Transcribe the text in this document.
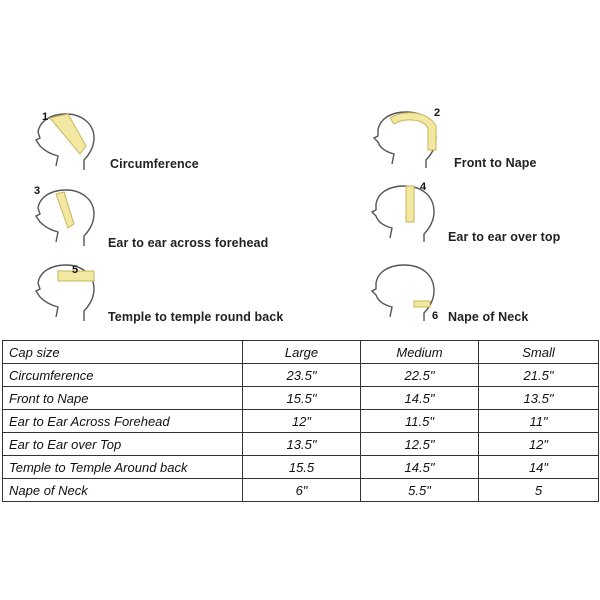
1
Circumference
2
Front to Nape
3
Ear to ear across forehead
4
Ear to ear over top
5
Temple to temple round back	6 Nape of Neck
Cap size	Large	Medium	Small
Circumference	23.5"	22.5"	21.5"
Front to Nape	15.5"	14.5"	13.5"
Ear to Ear Across Forehead	12"	11.5"	11"
Ear to Ear over Top	13.5"	12.5"	12"
Temple to Temple Around back	15.5	14.5"	14"
Nape of Neck	6"	5.5"	5
